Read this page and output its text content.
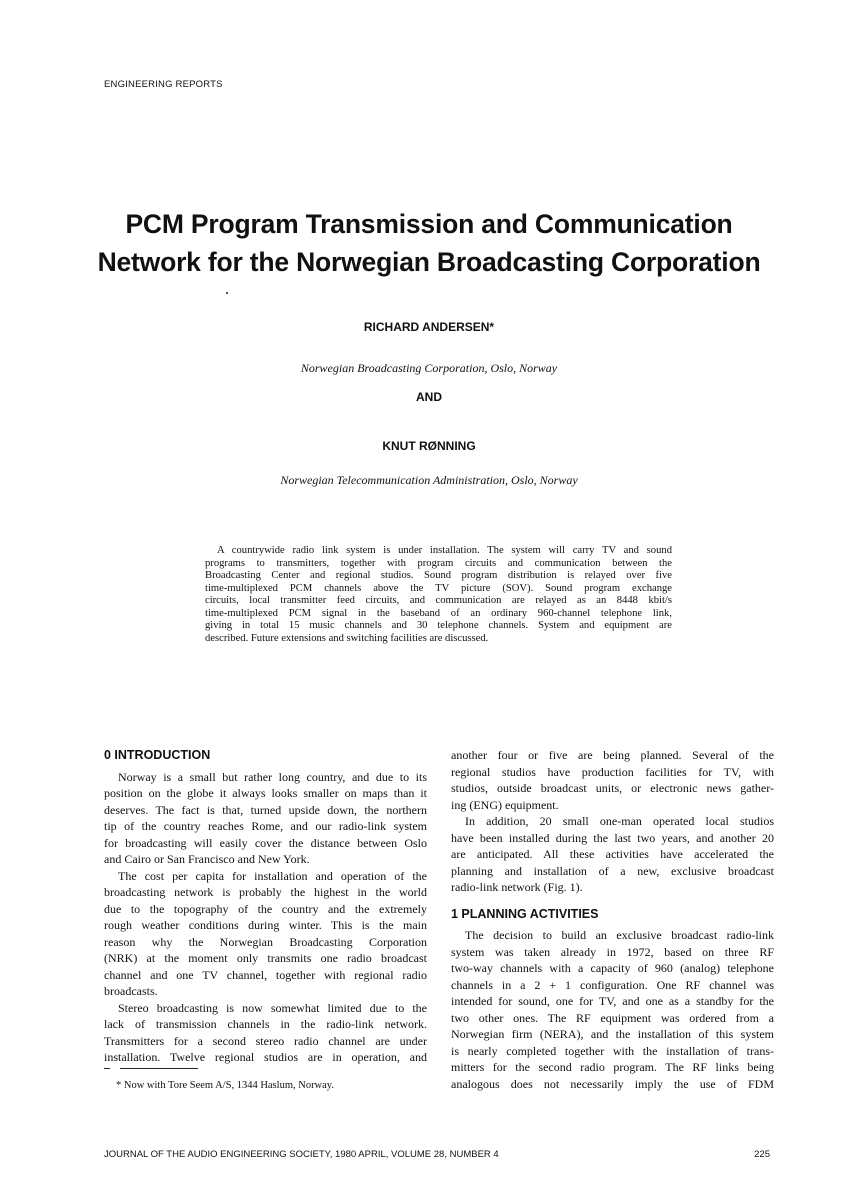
ENGINEERING REPORTS
PCM Program Transmission and Communication
Network for the Norwegian Broadcasting Corporation
RICHARD ANDERSEN*
Norwegian Broadcasting Corporation, Oslo, Norway
AND
KNUT RØNNING
Norwegian Telecommunication Administration, Oslo, Norway
A countrywide radio link system is under installation. The system will carry TV and sound
programs to transmitters, together with program circuits and communication between the
Broadcasting Center and regional studios. Sound program distribution is relayed over five
time-multiplexed PCM channels above the TV picture (SOV). Sound program exchange
circuits, local transmitter feed circuits, and communication are relayed as an 8448 kbit/s
time-multiplexed PCM signal in the baseband of an ordinary 960-channel telephone link,
giving in total 15 music channels and 30 telephone channels. System and equipment are
described. Future extensions and switching facilities are discussed.
0 INTRODUCTION
Norway is a small but rather long country, and due to its
position on the globe it always looks smaller on maps than it
deserves. The fact is that, turned upside down, the northern
tip of the country reaches Rome, and our radio-link system
for broadcasting will easily cover the distance between Oslo
and Cairo or San Francisco and New York.
The cost per capita for installation and operation of the
broadcasting network is probably the highest in the world
due to the topography of the country and the extremely
rough weather conditions during winter. This is the main
reason why the Norwegian Broadcasting Corporation
(NRK) at the moment only transmits one radio broadcast
channel and one TV channel, together with regional radio
broadcasts.
Stereo broadcasting is now somewhat limited due to the
lack of transmission channels in the radio-link network.
Transmitters for a second stereo radio channel are under
installation. Twelve regional studios are in operation, and
* Now with Tore Seem A/S, 1344 Haslum, Norway.
another four or five are being planned. Several of the
regional studios have production facilities for TV, with
studios, outside broadcast units, or electronic news gather-
ing (ENG) equipment.
In addition, 20 small one-man operated local studios
have been installed during the last two years, and another 20
are anticipated. All these activities have accelerated the
planning and installation of a new, exclusive broadcast
radio-link network (Fig. 1).
1 PLANNING ACTIVITIES
The decision to build an exclusive broadcast radio-link
system was taken already in 1972, based on three RF
two-way channels with a capacity of 960 (analog) telephone
channels in a 2 + 1 configuration. One RF channel was
intended for sound, one for TV, and one as a standby for the
two other ones. The RF equipment was ordered from a
Norwegian firm (NERA), and the installation of this system
is nearly completed together with the installation of trans-
mitters for the second radio program. The RF links being
analogous does not necessarily imply the use of FDM
JOURNAL OF THE AUDIO ENGINEERING SOCIETY, 1980 APRIL, VOLUME 28, NUMBER 4	225
